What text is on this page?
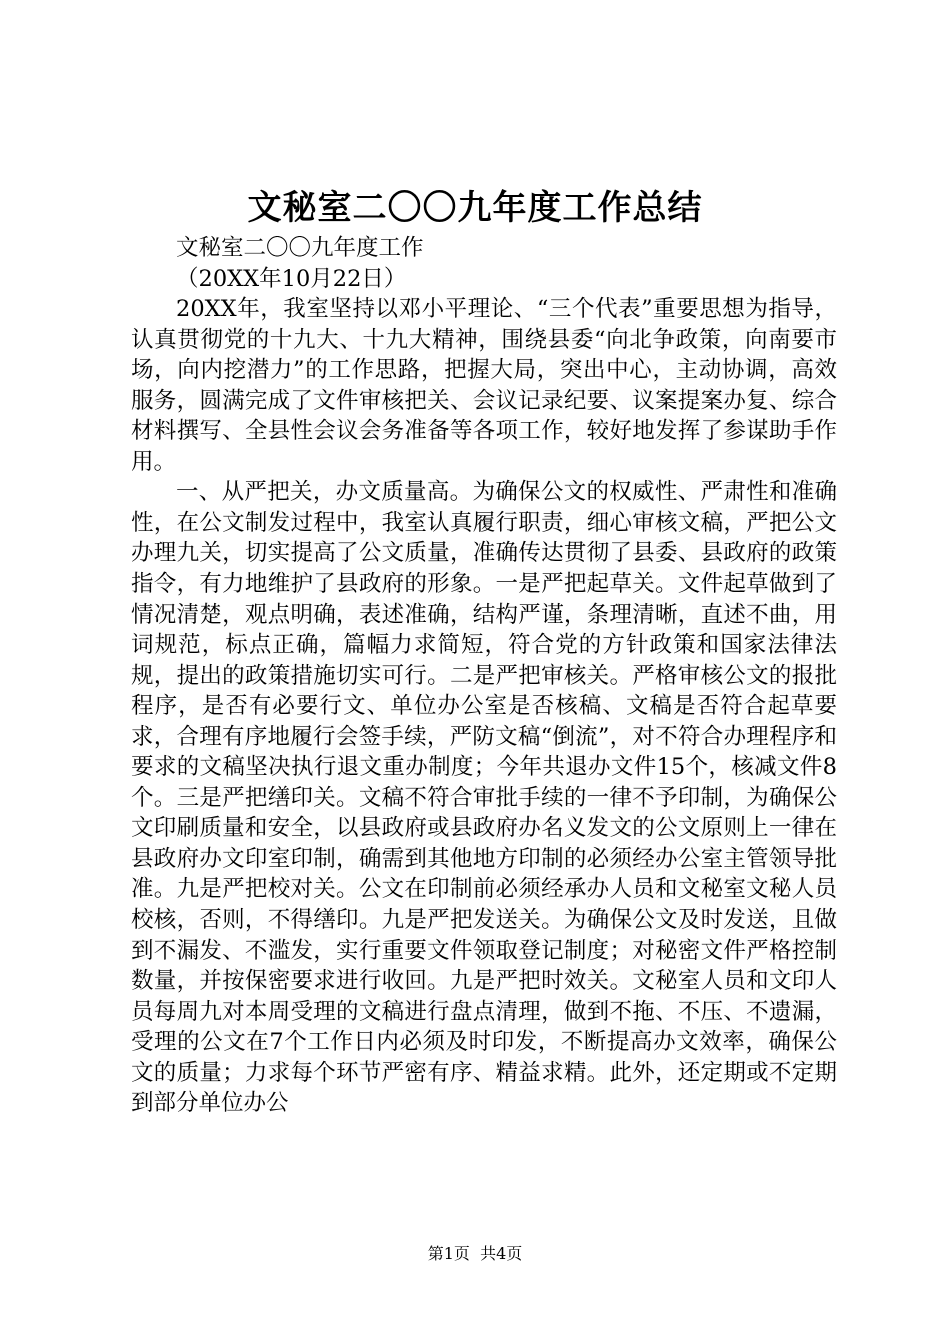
文秘室二〇〇九年度工作总结

文秘室二〇〇九年度工作

（20XX年10月22日）

20XX年，我室坚持以邓小平理论、“三个代表”重要思想为指导，认真贯彻党的十九大、十九大精神，围绕县委“向北争政策，向南要市场，向内挖潜力”的工作思路，把握大局，突出中心，主动协调，高效服务，圆满完成了文件审核把关、会议记录纪要、议案提案办复、综合材料撰写、全县性会议会务准备等各项工作，较好地发挥了参谋助手作用。

一、从严把关，办文质量高。为确保公文的权威性、严肃性和准确性，在公文制发过程中，我室认真履行职责，细心审核文稿，严把公文办理九关，切实提高了公文质量，准确传达贯彻了县委、县政府的政策指令，有力地维护了县政府的形象。一是严把起草关。文件起草做到了情况清楚，观点明确，表述准确，结构严谨，条理清晰，直述不曲，用词规范，标点正确，篇幅力求简短，符合党的方针政策和国家法律法规，提出的政策措施切实可行。二是严把审核关。严格审核公文的报批程序，是否有必要行文、单位办公室是否核稿、文稿是否符合起草要求，合理有序地履行会签手续，严防文稿“倒流”，对不符合办理程序和要求的文稿坚决执行退文重办制度；今年共退办文件15个，核减文件8个。三是严把缮印关。文稿不符合审批手续的一律不予印制，为确保公文印刷质量和安全，以县政府或县政府办名义发文的公文原则上一律在县政府办文印室印制，确需到其他地方印制的必须经办公室主管领导批准。九是严把校对关。公文在印制前必须经承办人员和文秘室文秘人员校核，否则，不得缮印。九是严把发送关。为确保公文及时发送，且做到不漏发、不滥发，实行重要文件领取登记制度；对秘密文件严格控制数量，并按保密要求进行收回。九是严把时效关。文秘室人员和文印人员每周九对本周受理的文稿进行盘点清理，做到不拖、不压、不遗漏，受理的公文在7个工作日内必须及时印发，不断提高办文效率，确保公文的质量；力求每个环节严密有序、精益求精。此外，还定期或不定期到部分单位办公

第1页  共4页
